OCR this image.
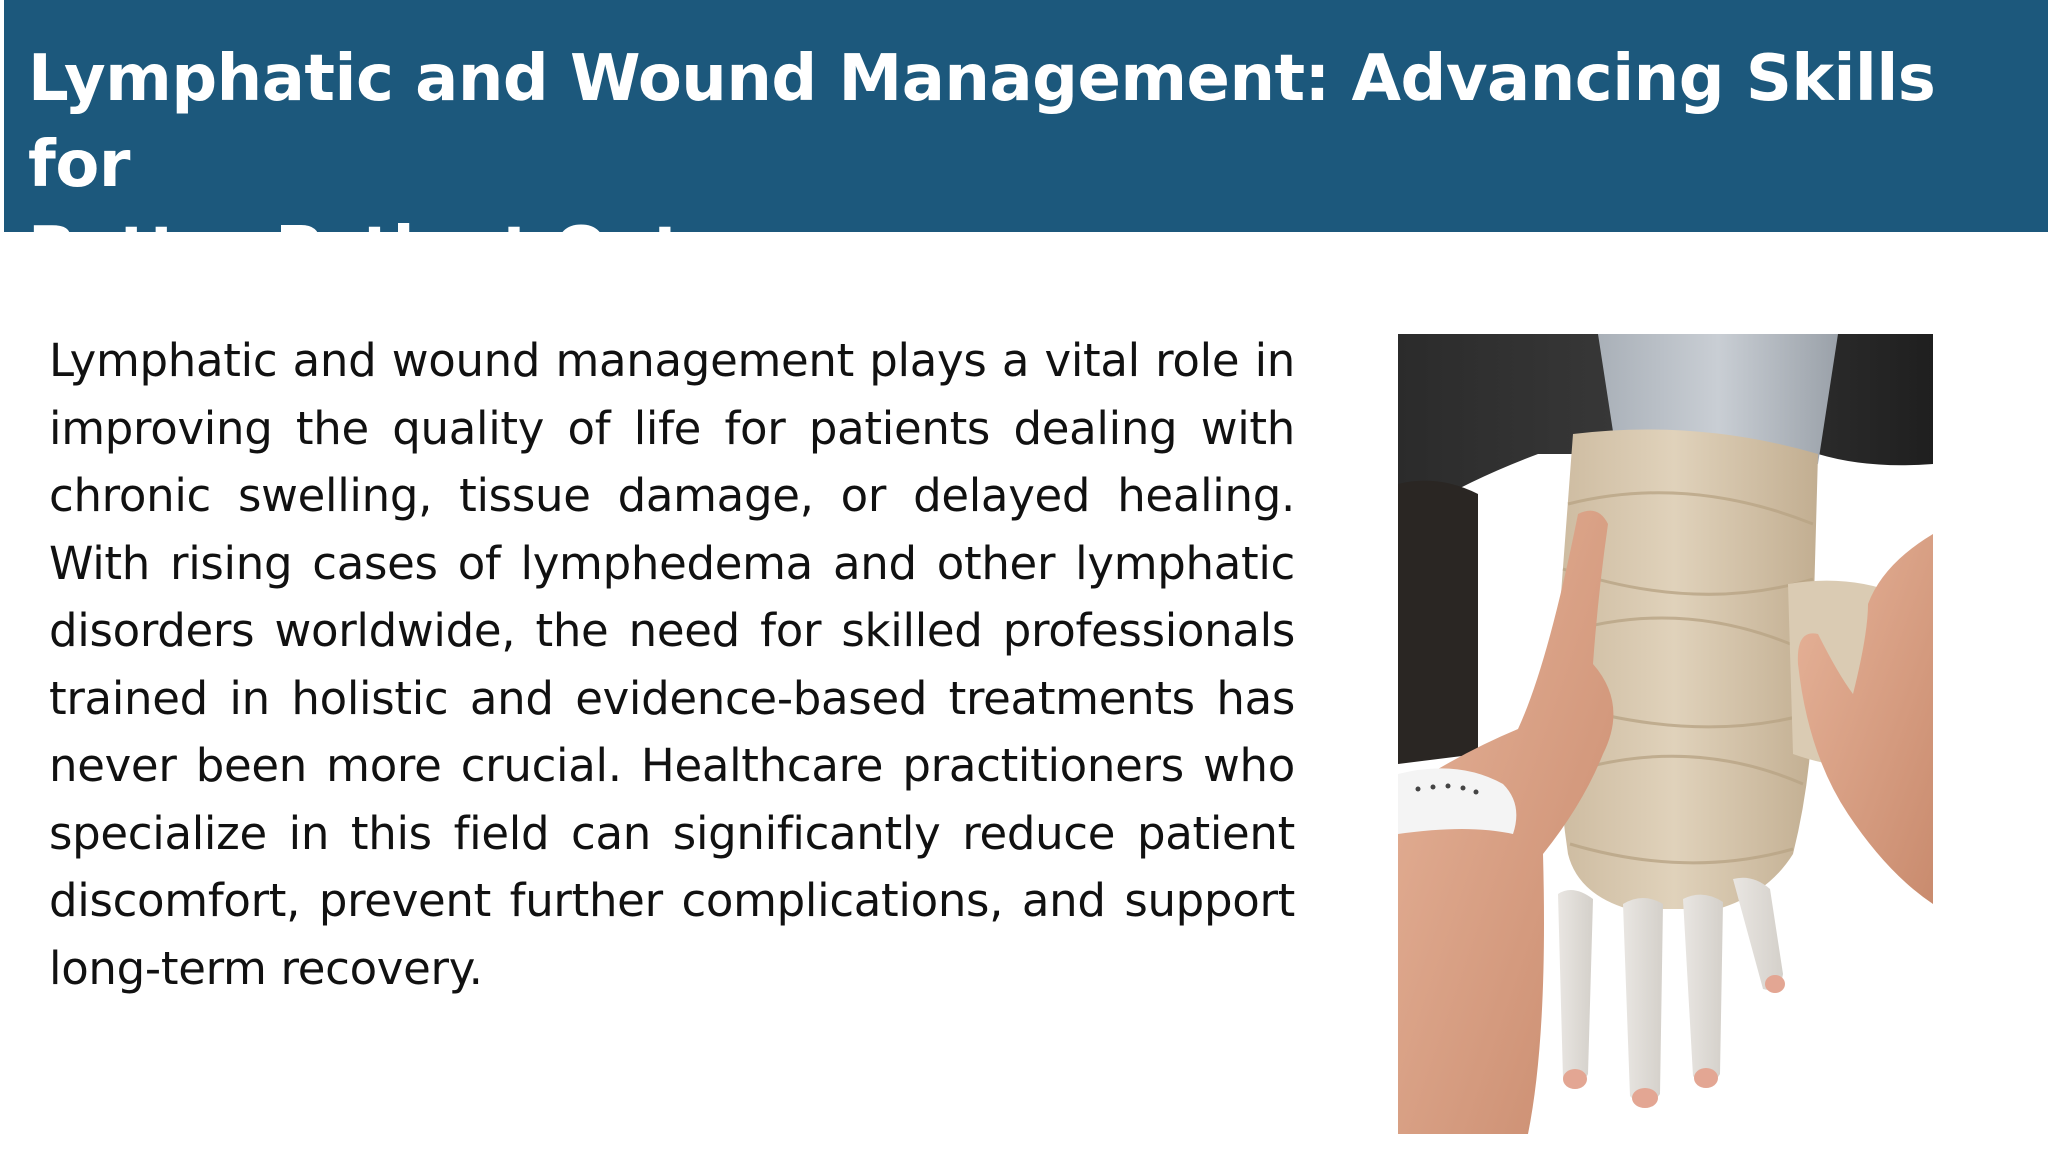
Lymphatic and Wound Management: Advancing Skills for
Better Patient Outcomes

Lymphatic and wound management plays a vital role in improving the quality of life for patients dealing with chronic swelling, tissue damage, or delayed healing. With rising cases of lymphedema and other lymphatic disorders worldwide, the need for skilled professionals trained in holistic and evidence-based treatments has never been more crucial. Healthcare practitioners who specialize in this field can significantly reduce patient discomfort, prevent further complications, and support long-term recovery.
